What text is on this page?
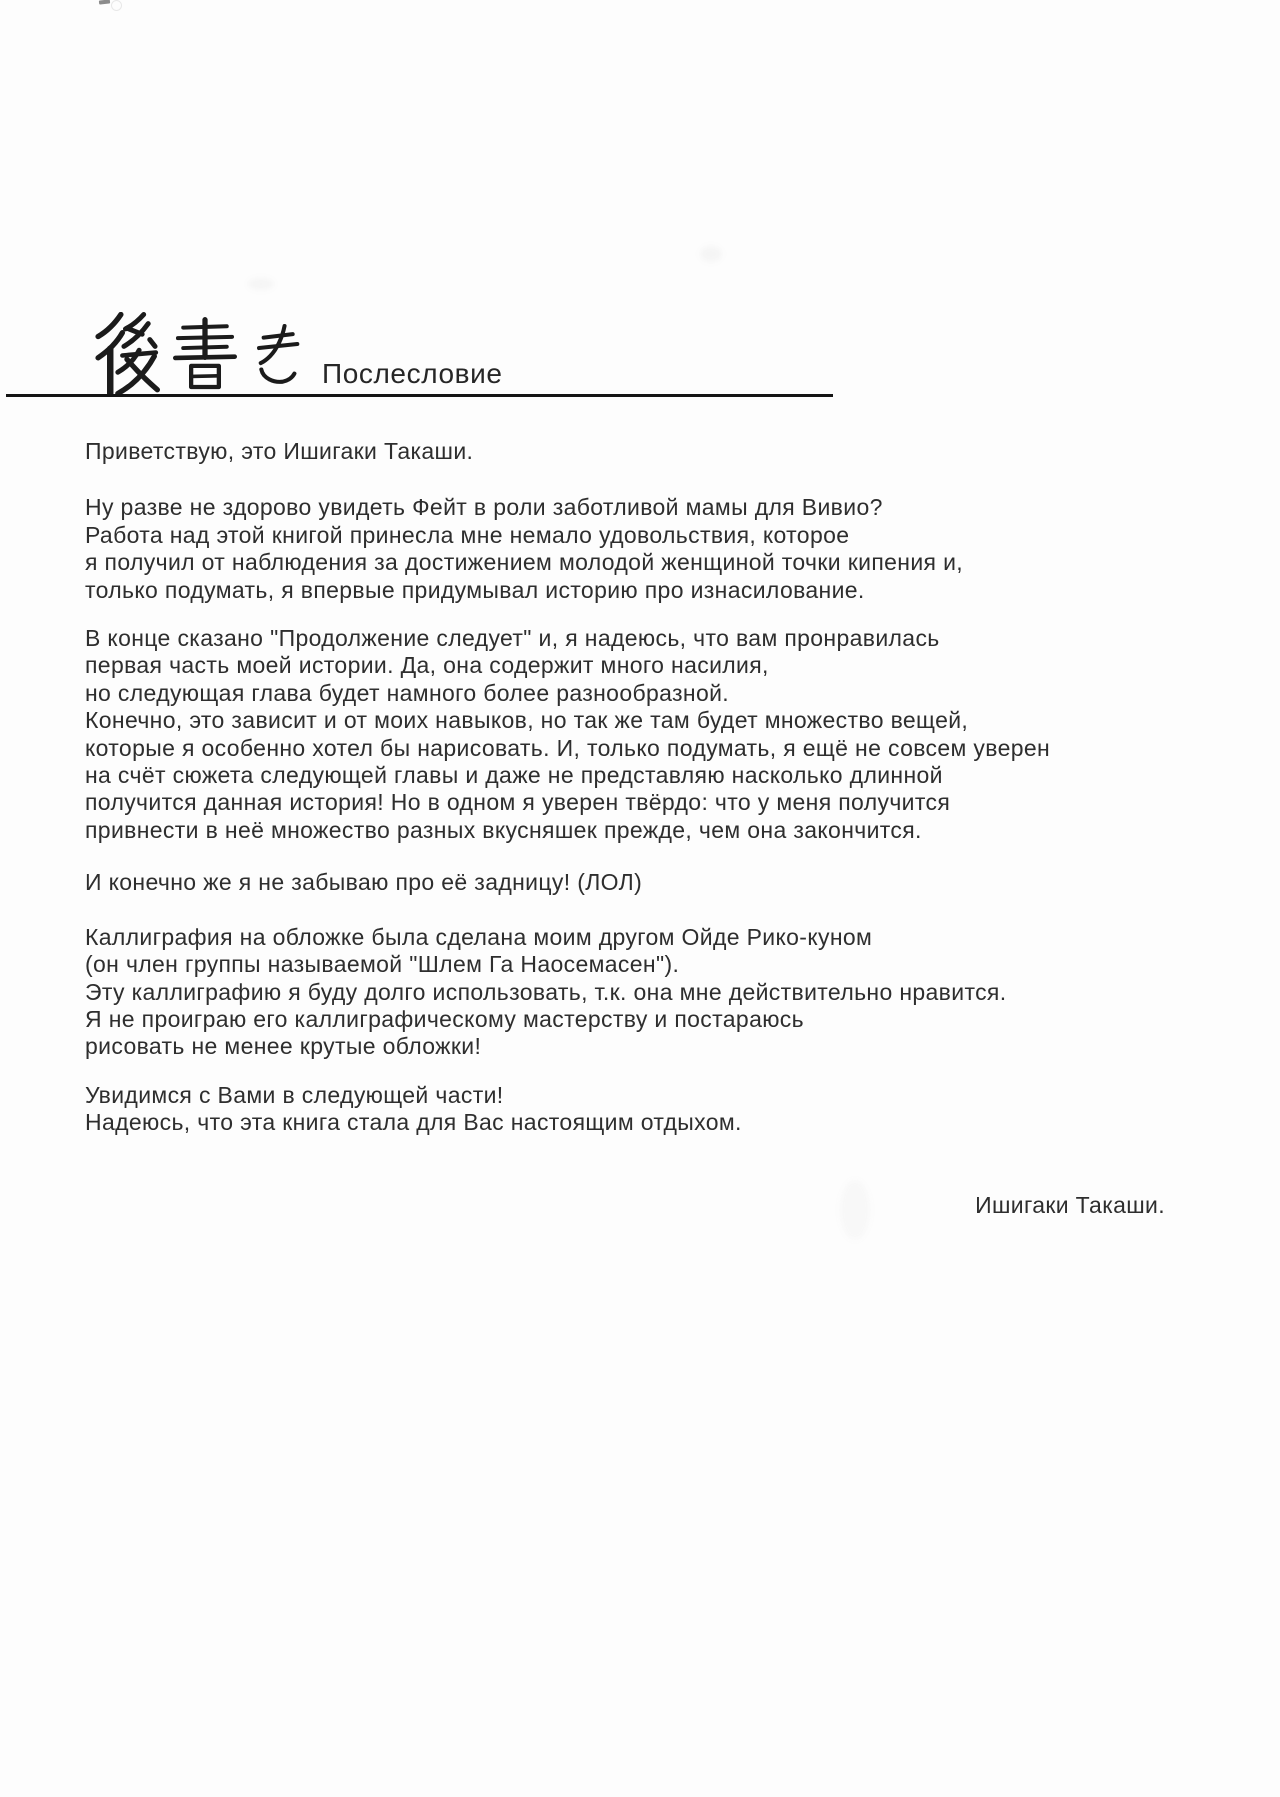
Послесловие
Приветствую, это Ишигаки Такаши.
Ну разве не здорово увидеть Фейт в роли заботливой мамы для Вивио?
Работа над этой книгой принесла мне немало удовольствия, которое
я получил от наблюдения за достижением молодой женщиной точки кипения и,
только подумать, я впервые придумывал историю про изнасилование.
В конце сказано "Продолжение следует" и, я надеюсь, что вам пронравилась
первая часть моей истории. Да, она содержит много насилия,
но следующая глава будет намного более разнообразной.
Конечно, это зависит и от моих навыков, но так же там будет множество вещей,
которые я особенно хотел бы нарисовать. И, только подумать, я ещё не совсем уверен
на счёт сюжета следующей главы и даже не представляю насколько длинной
получится данная история! Но в одном я уверен твёрдо: что у меня получится
привнести в неё множество разных вкусняшек прежде, чем она закончится.
И конечно же я не забываю про её задницу! (ЛОЛ)
Каллиграфия на обложке была сделана моим другом Ойде Рико-куном
(он член группы называемой "Шлем Га Наосемасен").
Эту каллиграфию я буду долго использовать, т.к. она мне действительно нравится.
Я не проиграю его каллиграфическому мастерству и постараюсь
рисовать не менее крутые обложки!
Увидимся с Вами в следующей части!
Надеюсь, что эта книга стала для Вас настоящим отдыхом.
Ишигаки Такаши.
